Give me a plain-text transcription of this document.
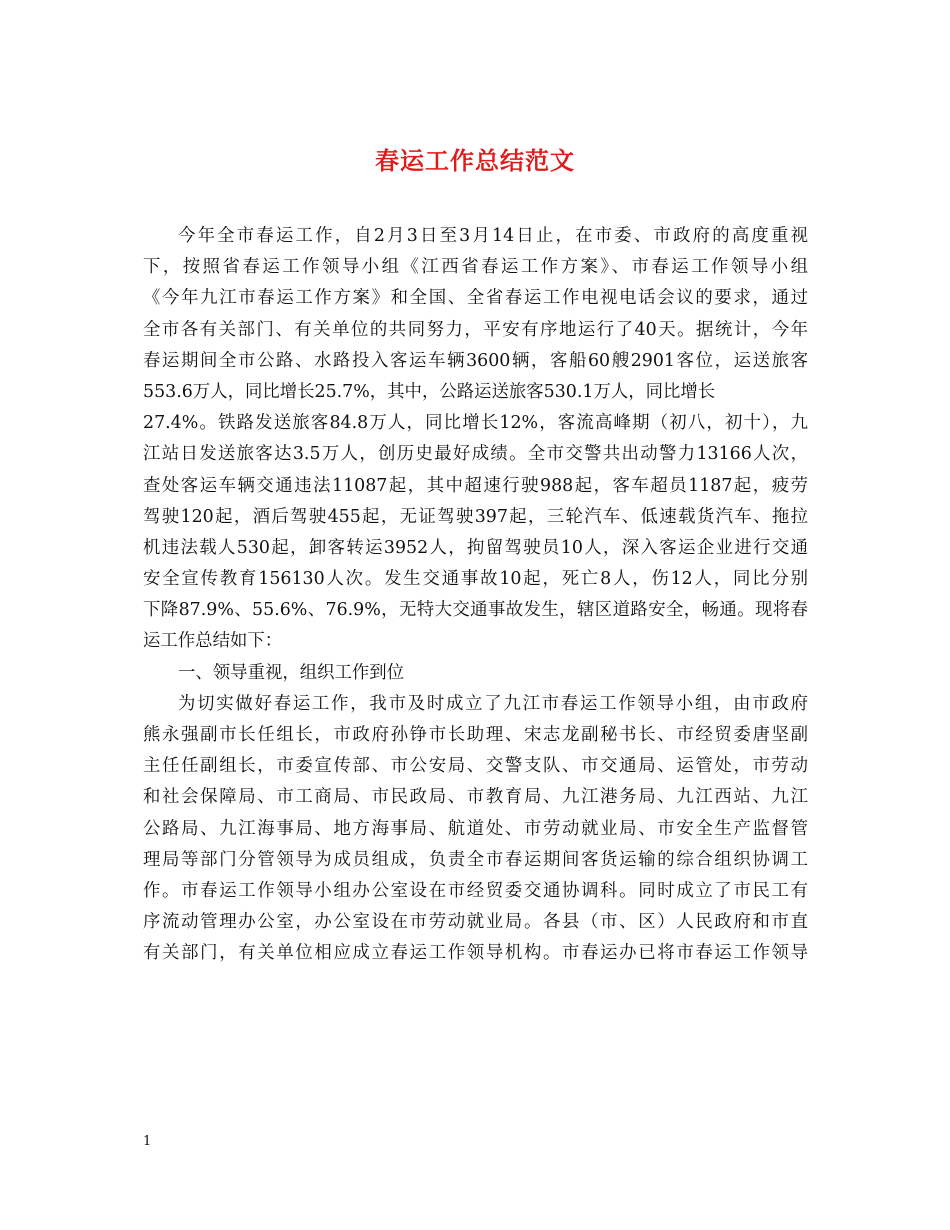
春运工作总结范文
今年全市春运工作，自2月3日至3月14日止，在市委、市政府的高度重视
下，按照省春运工作领导小组《江西省春运工作方案》、市春运工作领导小组
《今年九江市春运工作方案》和全国、全省春运工作电视电话会议的要求，通过
全市各有关部门、有关单位的共同努力，平安有序地运行了40天。据统计，今年
春运期间全市公路、水路投入客运车辆3600辆，客船60艘2901客位，运送旅客
553.6万人，同比增长25.7%，其中，公路运送旅客530.1万人，同比增长
27.4%。铁路发送旅客84.8万人，同比增长12%，客流高峰期（初八，初十），九
江站日发送旅客达3.5万人，创历史最好成绩。全市交警共出动警力13166人次，
查处客运车辆交通违法11087起，其中超速行驶988起，客车超员1187起，疲劳
驾驶120起，酒后驾驶455起，无证驾驶397起，三轮汽车、低速载货汽车、拖拉
机违法载人530起，卸客转运3952人，拘留驾驶员10人，深入客运企业进行交通
安全宣传教育156130人次。发生交通事故10起，死亡8人，伤12人，同比分别
下降87.9%、55.6%、76.9%，无特大交通事故发生，辖区道路安全，畅通。现将春
运工作总结如下：
一、领导重视，组织工作到位
为切实做好春运工作，我市及时成立了九江市春运工作领导小组，由市政府
熊永强副市长任组长，市政府孙铮市长助理、宋志龙副秘书长、市经贸委唐坚副
主任任副组长，市委宣传部、市公安局、交警支队、市交通局、运管处，市劳动
和社会保障局、市工商局、市民政局、市教育局、九江港务局、九江西站、九江
公路局、九江海事局、地方海事局、航道处、市劳动就业局、市安全生产监督管
理局等部门分管领导为成员组成，负责全市春运期间客货运输的综合组织协调工
作。市春运工作领导小组办公室设在市经贸委交通协调科。同时成立了市民工有
序流动管理办公室，办公室设在市劳动就业局。各县（市、区）人民政府和市直
有关部门，有关单位相应成立春运工作领导机构。市春运办已将市春运工作领导

1
